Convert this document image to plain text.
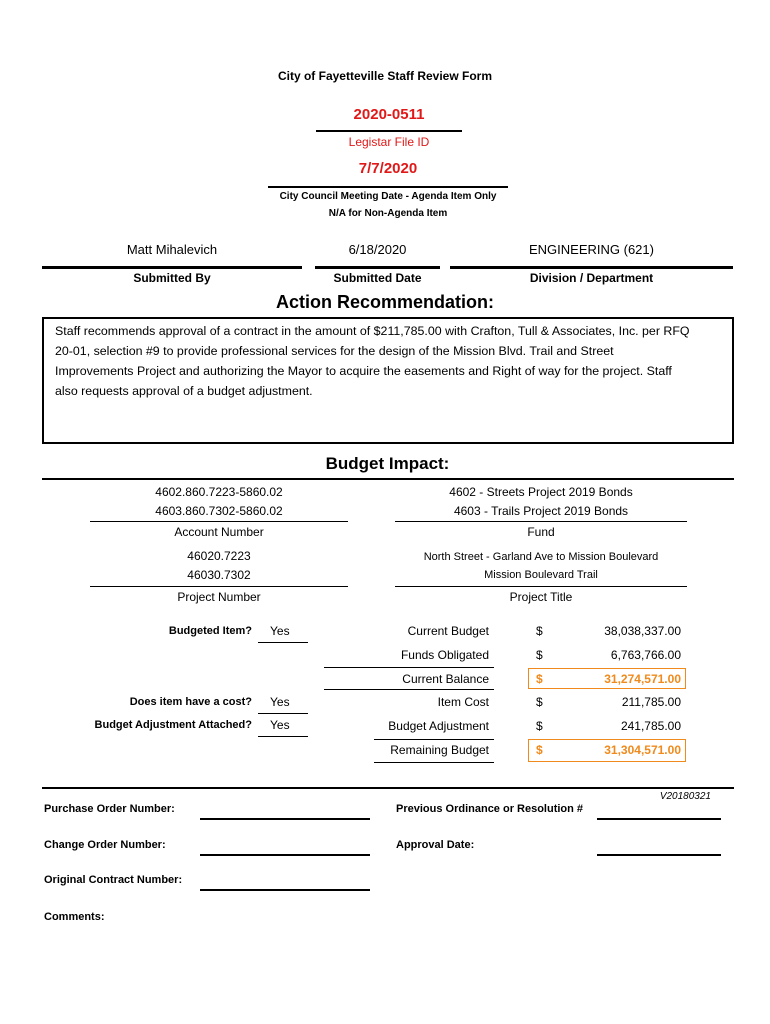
City of Fayetteville Staff Review Form
2020-0511
Legistar File ID
7/7/2020
City Council Meeting Date - Agenda Item Only
N/A for Non-Agenda Item
Matt Mihalevich
Submitted By
6/18/2020
Submitted Date
ENGINEERING (621)
Division / Department
Action Recommendation:
Staff recommends approval of a contract in the amount of $211,785.00 with Crafton, Tull & Associates, Inc. per RFQ
20-01, selection #9 to provide professional services for the design of the Mission Blvd. Trail and Street
Improvements Project and authorizing the Mayor to acquire the easements and Right of way for the project. Staff
also requests approval of a budget adjustment.
Budget Impact:
4602.860.7223-5860.02
4603.860.7302-5860.02
Account Number
4602 - Streets Project 2019 Bonds
4603 - Trails Project 2019 Bonds
Fund
46020.7223
46030.7302
Project Number
North Street - Garland Ave to Mission Boulevard
Mission Boulevard Trail
Project Title
Budgeted Item? Yes
Does item have a cost? Yes
Budget Adjustment Attached? Yes
Current Budget	$	38,038,337.00
Funds Obligated	$	6,763,766.00
Current Balance	$	31,274,571.00
Item Cost	$	211,785.00
Budget Adjustment	$	241,785.00
Remaining Budget	$	31,304,571.00
V20180321
Purchase Order Number:	Previous Ordinance or Resolution #
Change Order Number:	Approval Date:
Original Contract Number:
Comments:
